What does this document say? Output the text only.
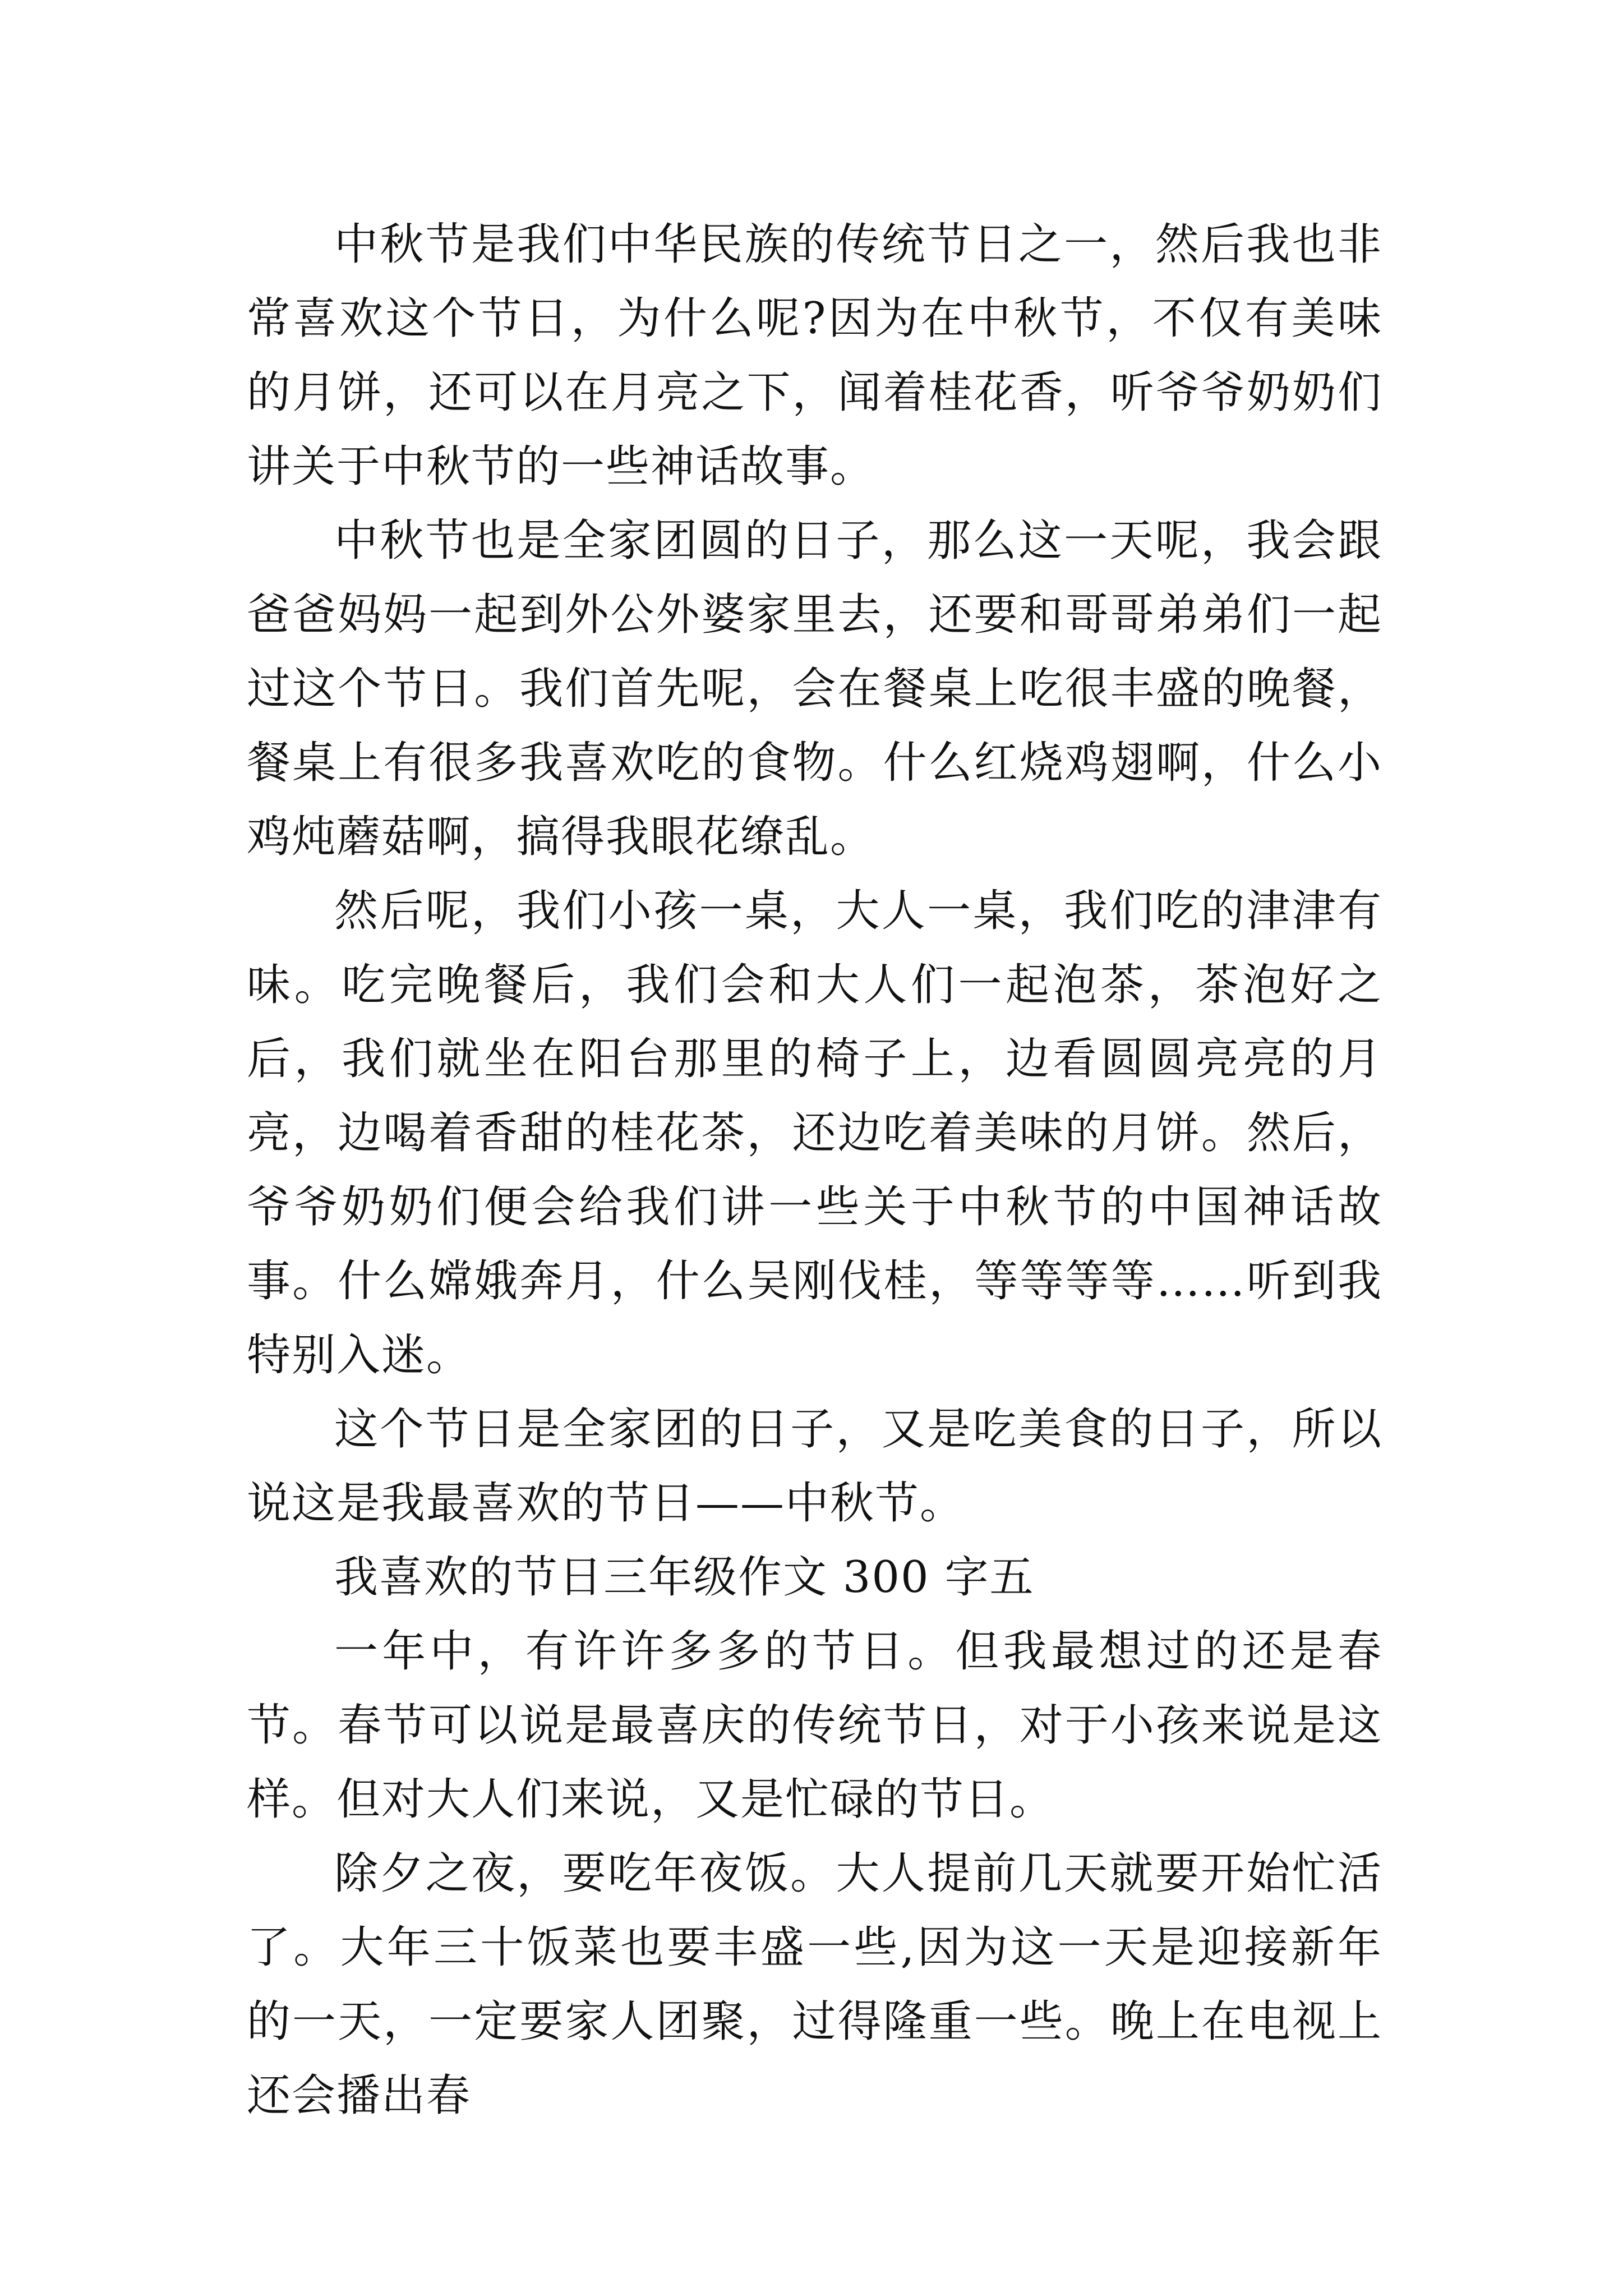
中秋节是我们中华民族的传统节日之一，然后我也非常喜欢这个节日，为什么呢?因为在中秋节，不仅有美味的月饼，还可以在月亮之下，闻着桂花香，听爷爷奶奶们讲关于中秋节的一些神话故事。

中秋节也是全家团圆的日子，那么这一天呢，我会跟爸爸妈妈一起到外公外婆家里去，还要和哥哥弟弟们一起过这个节日。我们首先呢，会在餐桌上吃很丰盛的晚餐，餐桌上有很多我喜欢吃的食物。什么红烧鸡翅啊，什么小鸡炖蘑菇啊，搞得我眼花缭乱。

然后呢，我们小孩一桌，大人一桌，我们吃的津津有味。吃完晚餐后，我们会和大人们一起泡茶，茶泡好之后，我们就坐在阳台那里的椅子上，边看圆圆亮亮的月亮，边喝着香甜的桂花茶，还边吃着美味的月饼。然后，爷爷奶奶们便会给我们讲一些关于中秋节的中国神话故事。什么嫦娥奔月，什么吴刚伐桂，等等等等……听到我特别入迷。

这个节日是全家团的日子，又是吃美食的日子，所以说这是我最喜欢的节日——中秋节。

我喜欢的节日三年级作文 300 字五

一年中，有许许多多的节日。但我最想过的还是春节。春节可以说是最喜庆的传统节日，对于小孩来说是这样。但对大人们来说，又是忙碌的节日。

除夕之夜，要吃年夜饭。大人提前几天就要开始忙活了。大年三十饭菜也要丰盛一些,因为这一天是迎接新年的一天，一定要家人团聚，过得隆重一些。晚上在电视上还会播出春
